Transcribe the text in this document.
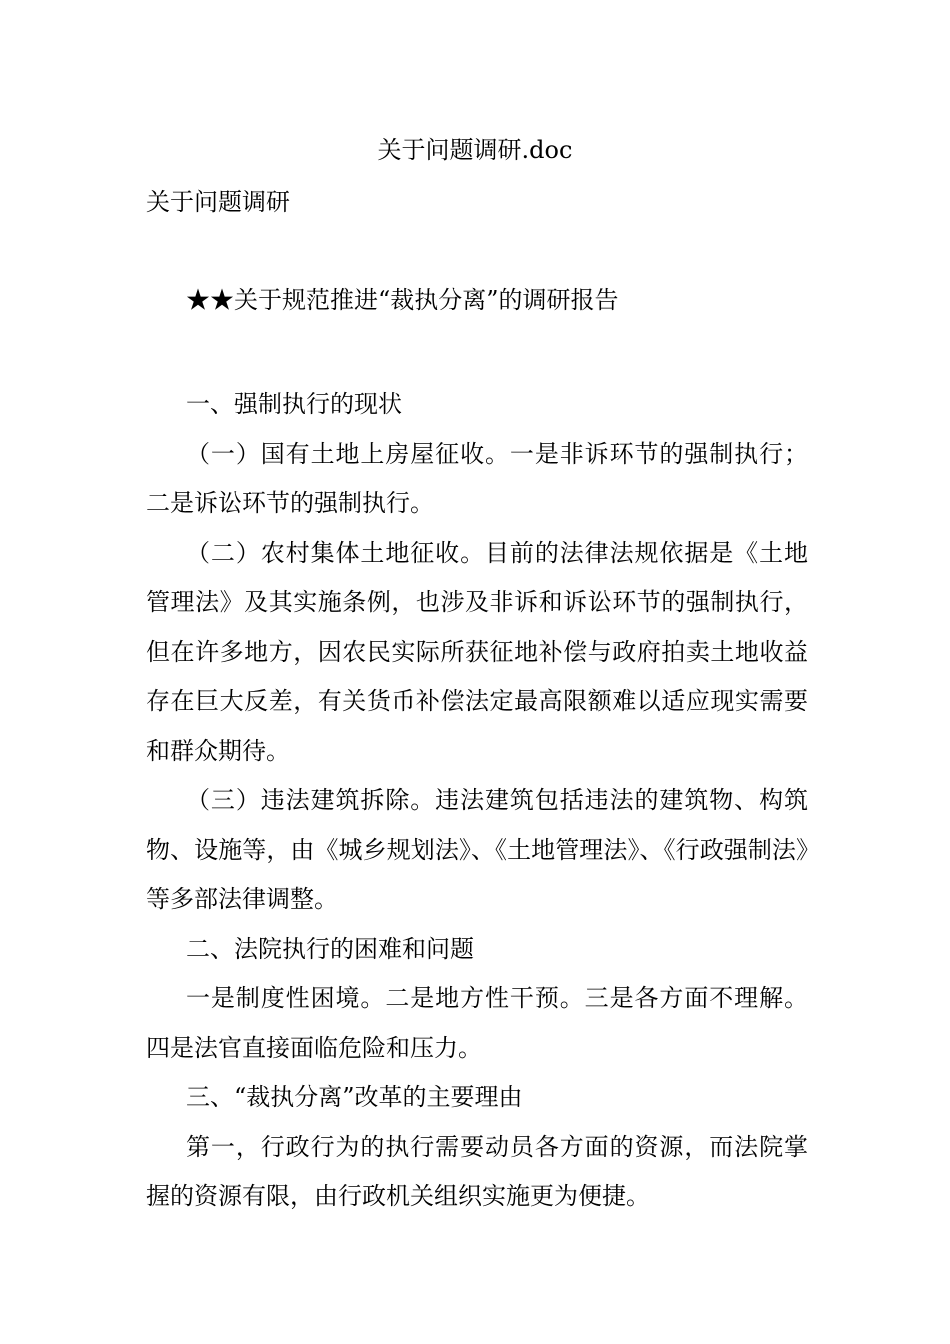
关于问题调研.doc
关于问题调研
★★关于规范推进“裁执分离”的调研报告

一、强制执行的现状

（一）国有土地上房屋征收。一是非诉环节的强制执行；二是诉讼环节的强制执行。

（二）农村集体土地征收。目前的法律法规依据是《土地管理法》及其实施条例，也涉及非诉和诉讼环节的强制执行，但在许多地方，因农民实际所获征地补偿与政府拍卖土地收益存在巨大反差，有关货币补偿法定最高限额难以适应现实需要和群众期待。

（三）违法建筑拆除。违法建筑包括违法的建筑物、构筑物、设施等，由《城乡规划法》、《土地管理法》、《行政强制法》等多部法律调整。

二、法院执行的困难和问题

一是制度性困境。二是地方性干预。三是各方面不理解。四是法官直接面临危险和压力。

三、“裁执分离”改革的主要理由

第一，行政行为的执行需要动员各方面的资源，而法院掌握的资源有限，由行政机关组织实施更为便捷。
